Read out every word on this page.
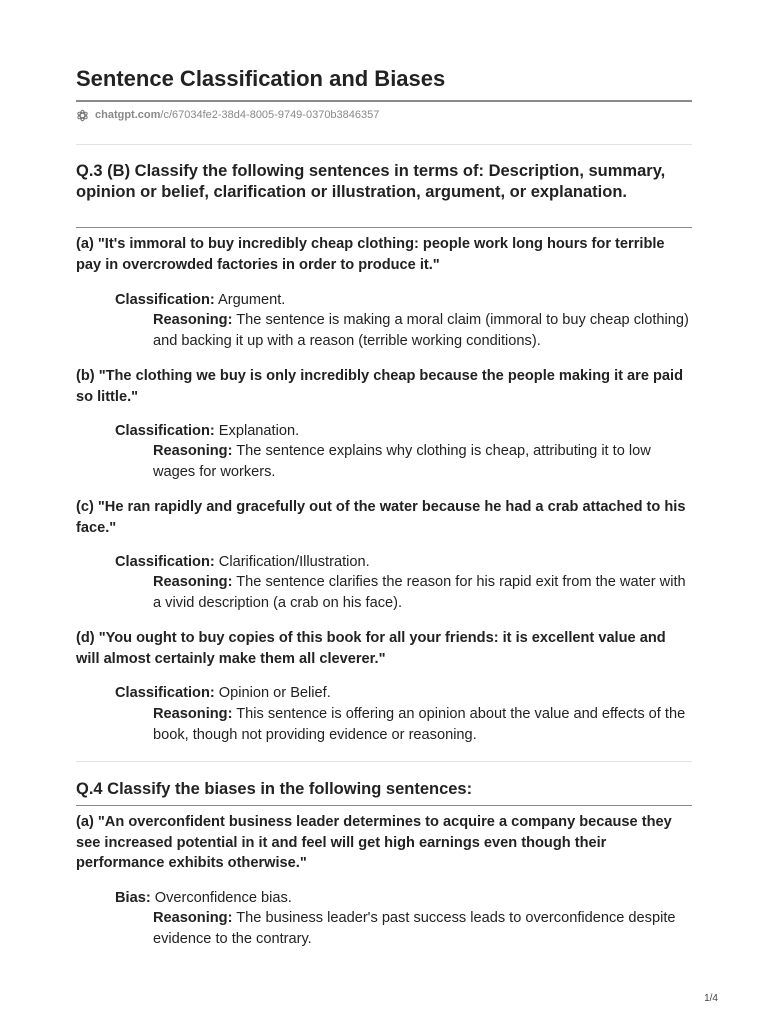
Sentence Classification and Biases
chatgpt.com /c/67034fe2-38d4-8005-9749-0370b3846357
Q.3 (B) Classify the following sentences in terms of: Description, summary, opinion or belief, clarification or illustration, argument, or explanation.

(a) "It's immoral to buy incredibly cheap clothing: people work long hours for terrible pay in overcrowded factories in order to produce it."

Classification: Argument.
Reasoning: The sentence is making a moral claim (immoral to buy cheap clothing) and backing it up with a reason (terrible working conditions).

(b) "The clothing we buy is only incredibly cheap because the people making it are paid so little."

Classification: Explanation.
Reasoning: The sentence explains why clothing is cheap, attributing it to low wages for workers.

(c) "He ran rapidly and gracefully out of the water because he had a crab attached to his face."

Classification: Clarification/Illustration.
Reasoning: The sentence clarifies the reason for his rapid exit from the water with a vivid description (a crab on his face).

(d) "You ought to buy copies of this book for all your friends: it is excellent value and will almost certainly make them all cleverer."

Classification: Opinion or Belief.
Reasoning: This sentence is offering an opinion about the value and effects of the book, though not providing evidence or reasoning.
Q.4 Classify the biases in the following sentences:

(a) "An overconfident business leader determines to acquire a company because they see increased potential in it and feel will get high earnings even though their performance exhibits otherwise."

Bias: Overconfidence bias.
Reasoning: The business leader's past success leads to overconfidence despite evidence to the contrary.
1/4
